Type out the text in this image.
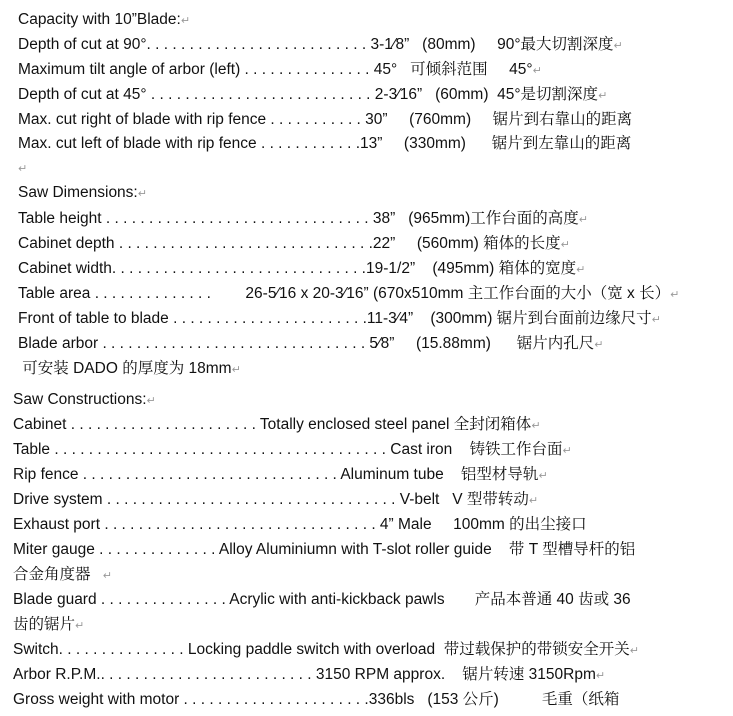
Capacity with 10”Blade:↵
Depth of cut at 90°. . . . . . . . . . . . . . . . . . . . . . . . . . 3-1⁄8”   (80mm)     90°最大切割深度↵
Maximum tilt angle of arbor (left) . . . . . . . . . . . . . . . 45°   可倾斜范围     45°↵
Depth of cut at 45° . . . . . . . . . . . . . . . . . . . . . . . . . . 2-3⁄16”   (60mm)  45°是切割深度↵
Max. cut right of blade with rip fence . . . . . . . . . . . 30”     (760mm)     锯片到右靠山的距离
Max. cut left of blade with rip fence . . . . . . . . . . . .13”     (330mm)      锯片到左靠山的距离
↵
Saw Dimensions:↵
Table height . . . . . . . . . . . . . . . . . . . . . . . . . . . . . . . 38”   (965mm)工作台面的高度↵
Cabinet depth . . . . . . . . . . . . . . . . . . . . . . . . . . . . . .22”     (560mm) 箱体的长度↵
Cabinet width. . . . . . . . . . . . . . . . . . . . . . . . . . . . . .19-1/2”    (495mm) 箱体的宽度↵
Table area . . . . . . . . . . . . . .        26-5⁄16 x 20-3⁄16” (670x510mm 主工作台面的大小（宽 x 长）↵
Front of table to blade . . . . . . . . . . . . . . . . . . . . . . .11-3⁄4”    (300mm) 锯片到台面前边缘尺寸↵
Blade arbor . . . . . . . . . . . . . . . . . . . . . . . . . . . . . . . 5⁄8”     (15.88mm)      锯片内孔尺↵
可安装 DADO 的厚度为 18mm↵
Saw Constructions:↵
Cabinet . . . . . . . . . . . . . . . . . . . . . . Totally enclosed steel panel 全封闭箱体↵
Table . . . . . . . . . . . . . . . . . . . . . . . . . . . . . . . . . . . . . . . Cast iron    铸铁工作台面↵
Rip fence . . . . . . . . . . . . . . . . . . . . . . . . . . . . . . Aluminum tube    铝型材导轨↵
Drive system . . . . . . . . . . . . . . . . . . . . . . . . . . . . . . . . . . V-belt   V 型带转动↵
Exhaust port . . . . . . . . . . . . . . . . . . . . . . . . . . . . . . . . 4” Male     100mm 的出尘接口
Miter gauge . . . . . . . . . . . . . . Alloy Aluminiumn with T-slot roller guide    带 T 型槽导杆的铝
合金角度器    ↵
Blade guard . . . . . . . . . . . . . . . Acrylic with anti-kickback pawls       产品本普通 40 齿或 36
齿的锯片↵
Switch. . . . . . . . . . . . . . . Locking paddle switch with overload  带过载保护的带锁安全开关↵
Arbor R.P.M.. . . . . . . . . . . . . . . . . . . . . . . . . 3150 RPM approx.    锯片转速 3150Rpm↵
Gross weight with motor . . . . . . . . . . . . . . . . . . . . . .336bls   (153 公斤)          毛重（纸箱
